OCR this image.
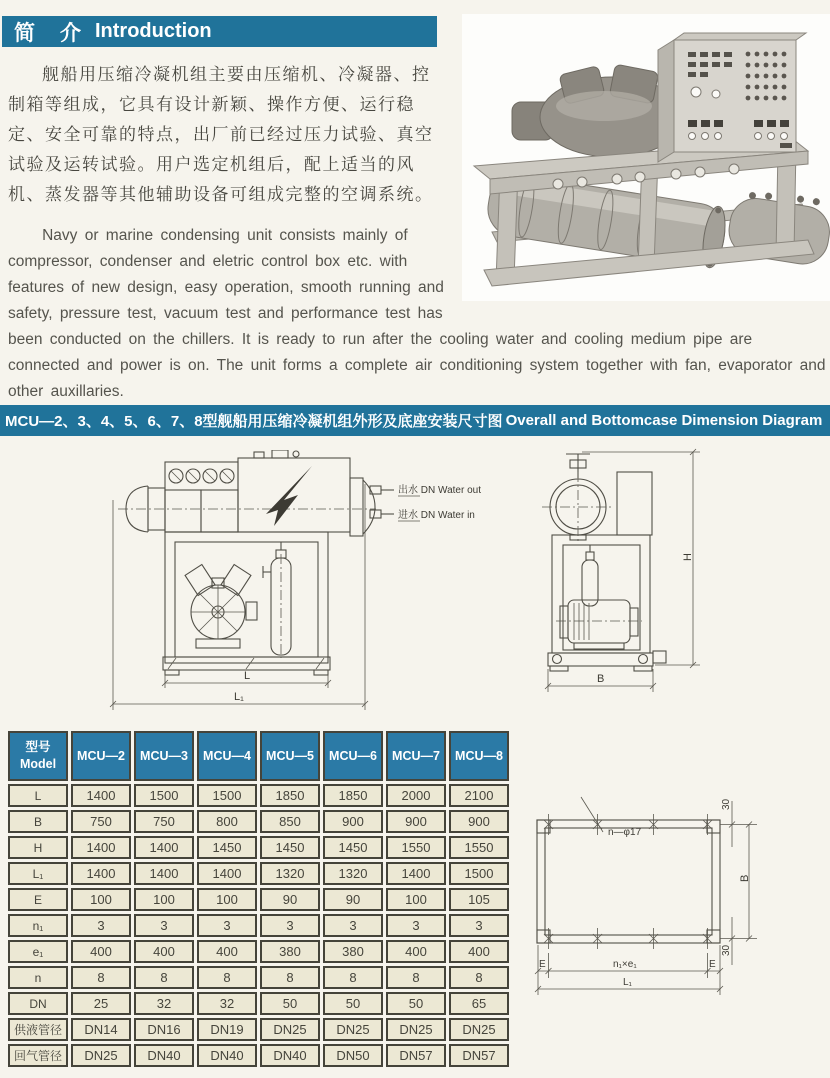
简　介 Introduction

舰船用压缩冷凝机组主要由压缩机、冷凝器、控制箱等组成，它具有设计新颖、操作方便、运行稳定、安全可靠的特点，出厂前已经过压力试验、真空试验及运转试验。用户选定机组后，配上适当的风机、蒸发器等其他辅助设备可组成完整的空调系统。

Navy or marine condensing unit consists mainly of compressor, condenser and eletric control box etc. with features of new design, easy operation, smooth running and safety, pressure test, vacuum test and performance test has been conducted on the chillers. It is ready to run after the cooling water and cooling medium pipe are connected and power is on. The unit forms a complete air conditioning system together with fan, evaporator and other auxillaries.

MCU—2、3、4、5、6、7、8型舰船用压缩冷凝机组外形及底座安装尺寸图 Overall and Bottomcase Dimension Diagram
出水 DN Water out
进水 DN Water in
L
L₁
H
B
型号
Model	MCU—2	MCU—3	MCU—4	MCU—5	MCU—6	MCU—7	MCU—8
L	1400	1500	1500	1850	1850	2000	2100
B	750	750	800	850	900	900	900
H	1400	1400	1450	1450	1450	1550	1550
L₁	1400	1400	1400	1320	1320	1400	1500
E	100	100	100	90	90	100	105
n₁	3	3	3	3	3	3	3
e₁	400	400	400	380	380	400	400
n	8	8	8	8	8	8	8
DN	25	32	32	50	50	50	65
供液管径	DN14	DN16	DN19	DN25	DN25	DN25	DN25
回气管径	DN25	DN40	DN40	DN40	DN50	DN57	DN57
n—φ17
30
B
30
E	n₁×e₁	E
L₁
